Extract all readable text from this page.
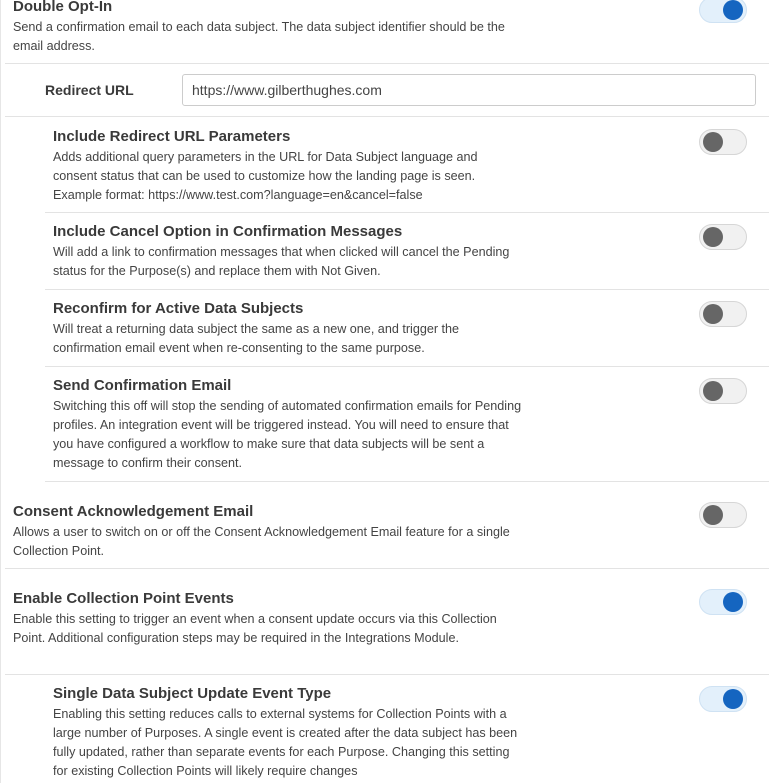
Double Opt-In
Send a confirmation email to each data subject. The data subject identifier should be the email address.
Redirect URL
https://www.gilberthughes.com
Include Redirect URL Parameters
Adds additional query parameters in the URL for Data Subject language and consent status that can be used to customize how the landing page is seen. Example format: https://www.test.com?language=en&cancel=false
Include Cancel Option in Confirmation Messages
Will add a link to confirmation messages that when clicked will cancel the Pending status for the Purpose(s) and replace them with Not Given.
Reconfirm for Active Data Subjects
Will treat a returning data subject the same as a new one, and trigger the confirmation email event when re-consenting to the same purpose.
Send Confirmation Email
Switching this off will stop the sending of automated confirmation emails for Pending profiles. An integration event will be triggered instead. You will need to ensure that you have configured a workflow to make sure that data subjects will be sent a message to confirm their consent.
Consent Acknowledgement Email
Allows a user to switch on or off the Consent Acknowledgement Email feature for a single Collection Point.
Enable Collection Point Events
Enable this setting to trigger an event when a consent update occurs via this Collection Point. Additional configuration steps may be required in the Integrations Module.
Single Data Subject Update Event Type
Enabling this setting reduces calls to external systems for Collection Points with a large number of Purposes. A single event is created after the data subject has been fully updated, rather than separate events for each Purpose. Changing this setting for existing Collection Points will likely require changes
